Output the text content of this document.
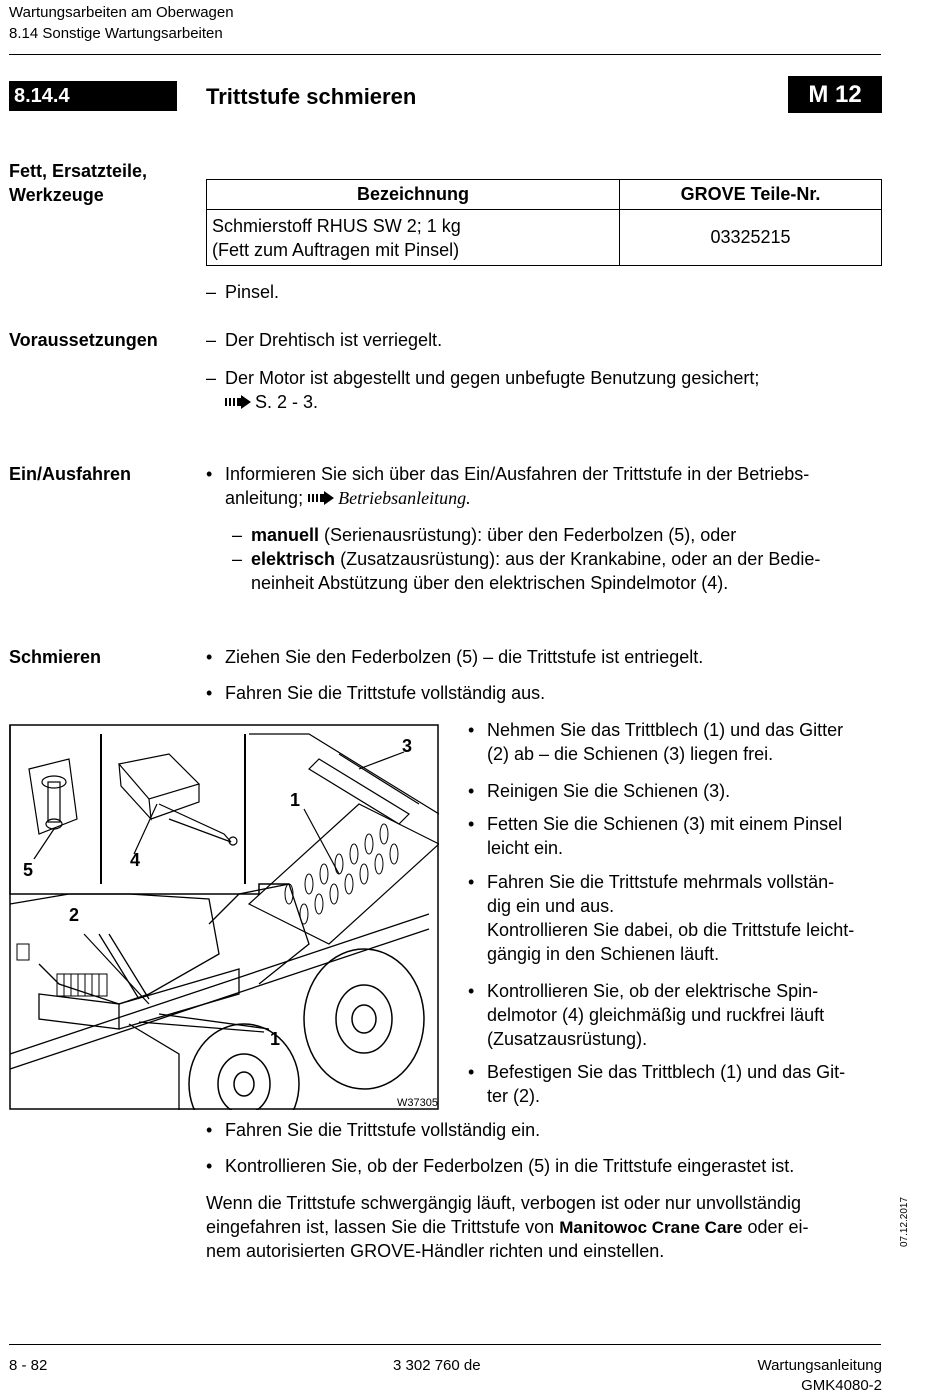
Wartungsarbeiten am Oberwagen
8.14 Sonstige Wartungsarbeiten
8.14.4	Trittstufe schmieren	M 12
Fett, Ersatzteile,
Werkzeuge	Bezeichnung	GROVE Teile-Nr.

Schmierstoff RHUS SW 2; 1 kg
(Fett zum Auftragen mit Pinsel)	03325215
– Pinsel.
Voraussetzungen	– Der Drehtisch ist verriegelt.
– Der Motor ist abgestellt und gegen unbefugte Benutzung gesichert;
S. 2 - 3.
Ein/Ausfahren	• Informieren Sie sich über das Ein/Ausfahren der Trittstufe in der Betriebs-
anleitung; Betriebsanleitung.
– manuell (Serienausrüstung): über den Federbolzen (5), oder
– elektrisch (Zusatzausrüstung): aus der Krankabine, oder an der Bedie-
neinheit Abstützung über den elektrischen Spindelmotor (4).
Schmieren	• Ziehen Sie den Federbolzen (5) – die Trittstufe ist entriegelt.
• Fahren Sie die Trittstufe vollständig aus.
3
1
5	4
2
1
W37305
• Nehmen Sie das Trittblech (1) und das Gitter
(2) ab – die Schienen (3) liegen frei.
• Reinigen Sie die Schienen (3).
• Fetten Sie die Schienen (3) mit einem Pinsel
leicht ein.
• Fahren Sie die Trittstufe mehrmals vollstän-
dig ein und aus.
Kontrollieren Sie dabei, ob die Trittstufe leicht-
gängig in den Schienen läuft.
• Kontrollieren Sie, ob der elektrische Spin-
delmotor (4) gleichmäßig und ruckfrei läuft
(Zusatzausrüstung).
• Befestigen Sie das Trittblech (1) und das Git-
ter (2).
• Fahren Sie die Trittstufe vollständig ein.
• Kontrollieren Sie, ob der Federbolzen (5) in die Trittstufe eingerastet ist.
Wenn die Trittstufe schwergängig läuft, verbogen ist oder nur unvollständig
eingefahren ist, lassen Sie die Trittstufe von Manitowoc Crane Care oder ei-
nem autorisierten GROVE-Händler richten und einstellen.
07.12.2017
8 - 82	3 302 760 de	Wartungsanleitung
GMK4080-2
